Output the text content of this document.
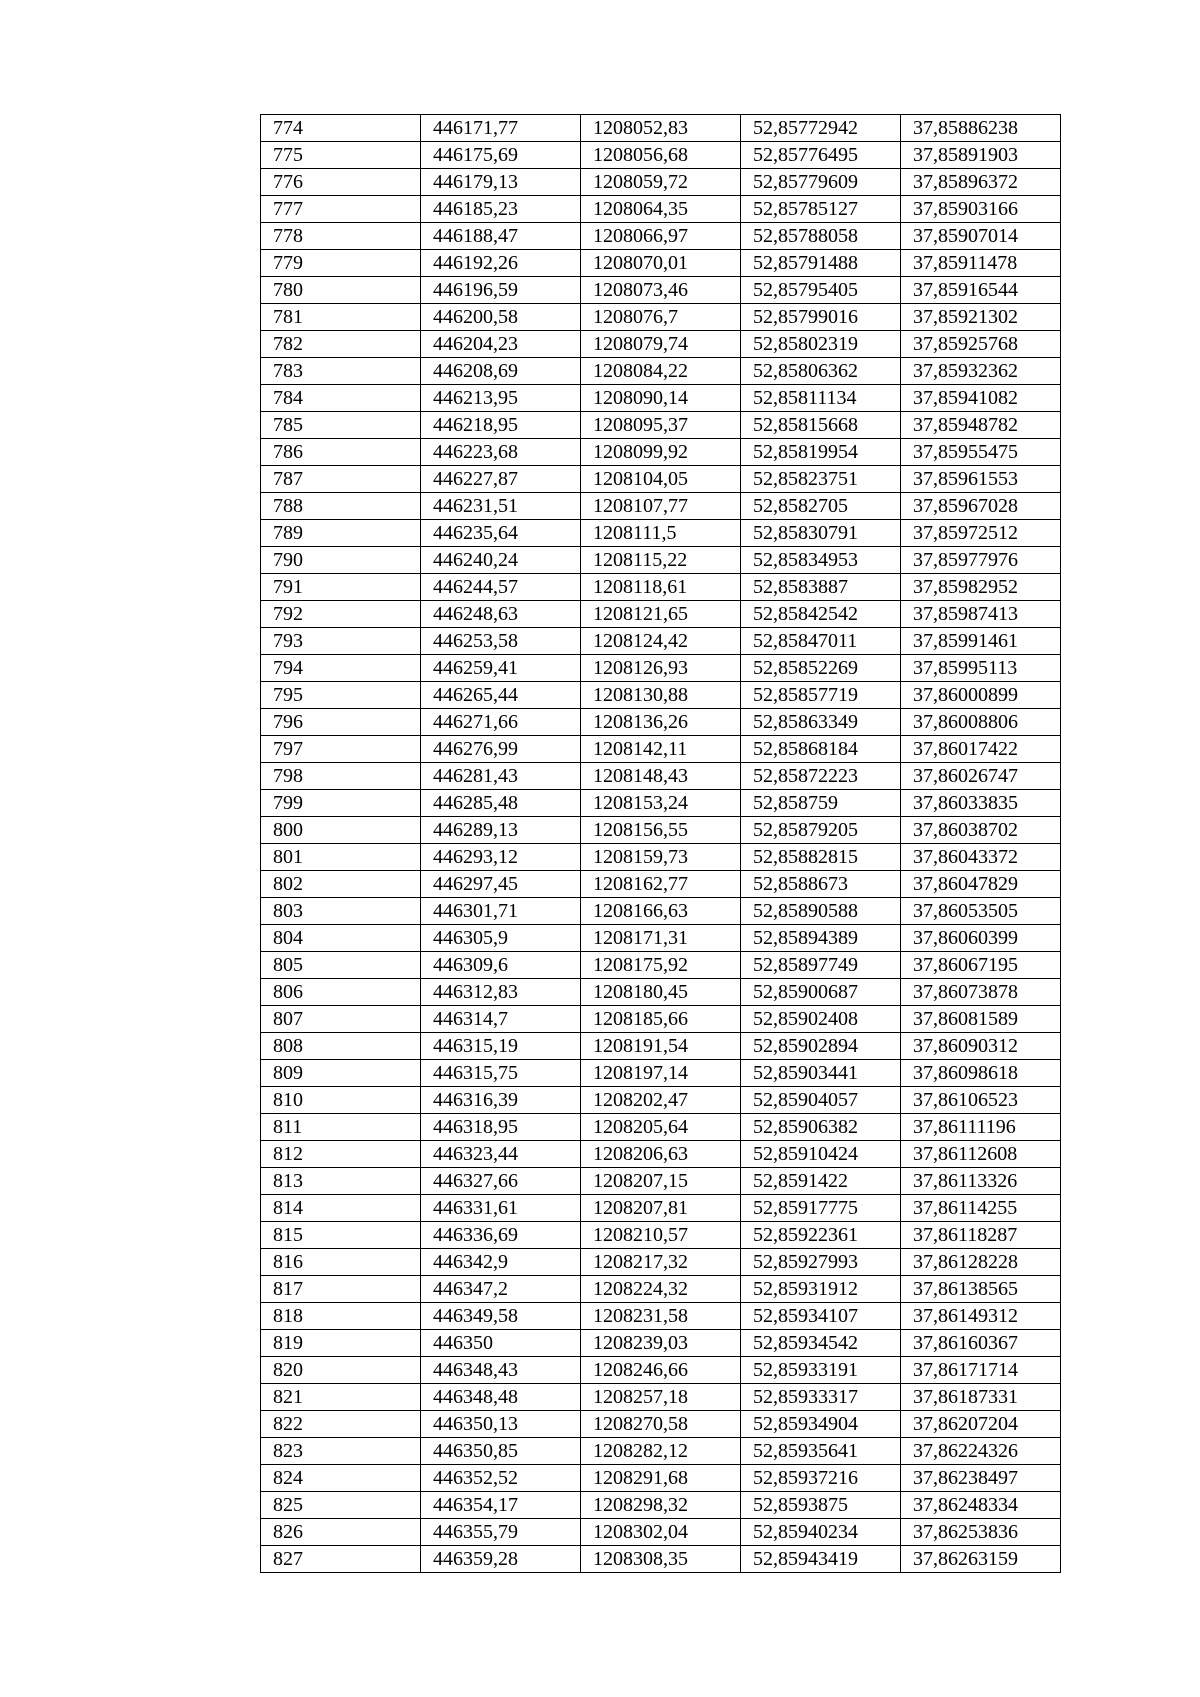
774	446171,77	1208052,83	52,85772942	37,85886238
775	446175,69	1208056,68	52,85776495	37,85891903
776	446179,13	1208059,72	52,85779609	37,85896372
777	446185,23	1208064,35	52,85785127	37,85903166
778	446188,47	1208066,97	52,85788058	37,85907014
779	446192,26	1208070,01	52,85791488	37,85911478
780	446196,59	1208073,46	52,85795405	37,85916544
781	446200,58	1208076,7	52,85799016	37,85921302
782	446204,23	1208079,74	52,85802319	37,85925768
783	446208,69	1208084,22	52,85806362	37,85932362
784	446213,95	1208090,14	52,85811134	37,85941082
785	446218,95	1208095,37	52,85815668	37,85948782
786	446223,68	1208099,92	52,85819954	37,85955475
787	446227,87	1208104,05	52,85823751	37,85961553
788	446231,51	1208107,77	52,8582705	37,85967028
789	446235,64	1208111,5	52,85830791	37,85972512
790	446240,24	1208115,22	52,85834953	37,85977976
791	446244,57	1208118,61	52,8583887	37,85982952
792	446248,63	1208121,65	52,85842542	37,85987413
793	446253,58	1208124,42	52,85847011	37,85991461
794	446259,41	1208126,93	52,85852269	37,85995113
795	446265,44	1208130,88	52,85857719	37,86000899
796	446271,66	1208136,26	52,85863349	37,86008806
797	446276,99	1208142,11	52,85868184	37,86017422
798	446281,43	1208148,43	52,85872223	37,86026747
799	446285,48	1208153,24	52,858759	37,86033835
800	446289,13	1208156,55	52,85879205	37,86038702
801	446293,12	1208159,73	52,85882815	37,86043372
802	446297,45	1208162,77	52,8588673	37,86047829
803	446301,71	1208166,63	52,85890588	37,86053505
804	446305,9	1208171,31	52,85894389	37,86060399
805	446309,6	1208175,92	52,85897749	37,86067195
806	446312,83	1208180,45	52,85900687	37,86073878
807	446314,7	1208185,66	52,85902408	37,86081589
808	446315,19	1208191,54	52,85902894	37,86090312
809	446315,75	1208197,14	52,85903441	37,86098618
810	446316,39	1208202,47	52,85904057	37,86106523
811	446318,95	1208205,64	52,85906382	37,86111196
812	446323,44	1208206,63	52,85910424	37,86112608
813	446327,66	1208207,15	52,8591422	37,86113326
814	446331,61	1208207,81	52,85917775	37,86114255
815	446336,69	1208210,57	52,85922361	37,86118287
816	446342,9	1208217,32	52,85927993	37,86128228
817	446347,2	1208224,32	52,85931912	37,86138565
818	446349,58	1208231,58	52,85934107	37,86149312
819	446350	1208239,03	52,85934542	37,86160367
820	446348,43	1208246,66	52,85933191	37,86171714
821	446348,48	1208257,18	52,85933317	37,86187331
822	446350,13	1208270,58	52,85934904	37,86207204
823	446350,85	1208282,12	52,85935641	37,86224326
824	446352,52	1208291,68	52,85937216	37,86238497
825	446354,17	1208298,32	52,8593875	37,86248334
826	446355,79	1208302,04	52,85940234	37,86253836
827	446359,28	1208308,35	52,85943419	37,86263159
